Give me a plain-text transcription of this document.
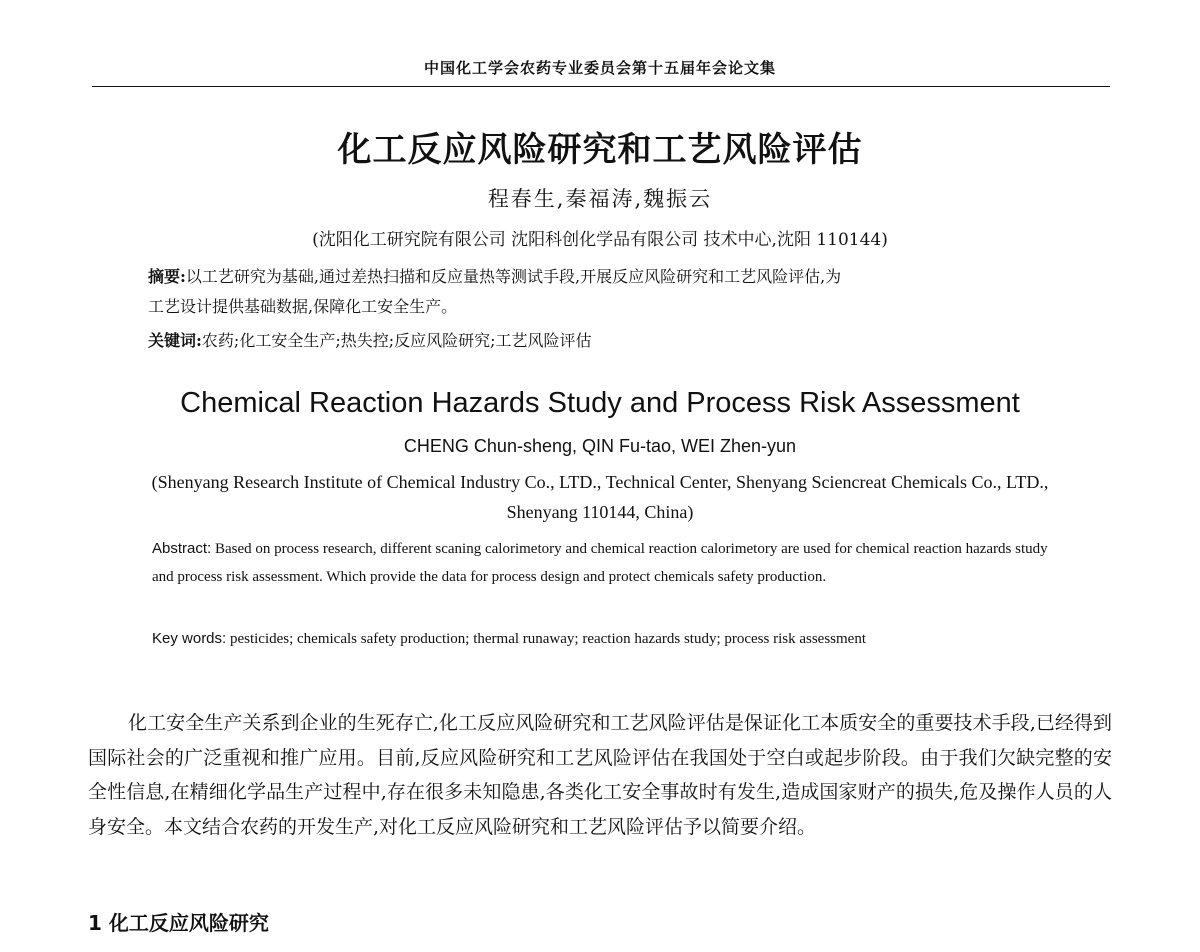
中国化工学会农药专业委员会第十五届年会论文集
化工反应风险研究和工艺风险评估
程春生,秦福涛,魏振云
(沈阳化工研究院有限公司 沈阳科创化学品有限公司 技术中心,沈阳 110144)
摘要:以工艺研究为基础,通过差热扫描和反应量热等测试手段,开展反应风险研究和工艺风险评估,为
工艺设计提供基础数据,保障化工安全生产。
关键词:农药;化工安全生产;热失控;反应风险研究;工艺风险评估
Chemical Reaction Hazards Study and Process Risk Assessment
CHENG Chun-sheng, QIN Fu-tao, WEI Zhen-yun
(Shenyang Research Institute of Chemical Industry Co., LTD., Technical Center, Shenyang Sciencreat Chemicals Co., LTD., Shenyang 110144, China)
Abstract: Based on process research, different scaning calorimetory and chemical reaction calorimetory are used for chemical reaction hazards study and process risk assessment. Which provide the data for process design and protect chemicals safety production.
Key words: pesticides; chemicals safety production; thermal runaway; reaction hazards study; process risk assessment
化工安全生产关系到企业的生死存亡,化工反应风险研究和工艺风险评估是保证化工本质安全的重要技术手段,已经得到国际社会的广泛重视和推广应用。目前,反应风险研究和工艺风险评估在我国处于空白或起步阶段。由于我们欠缺完整的安全性信息,在精细化学品生产过程中,存在很多未知隐患,各类化工安全事故时有发生,造成国家财产的损失,危及操作人员的人身安全。本文结合农药的开发生产,对化工反应风险研究和工艺风险评估予以简要介绍。
1 化工反应风险研究
